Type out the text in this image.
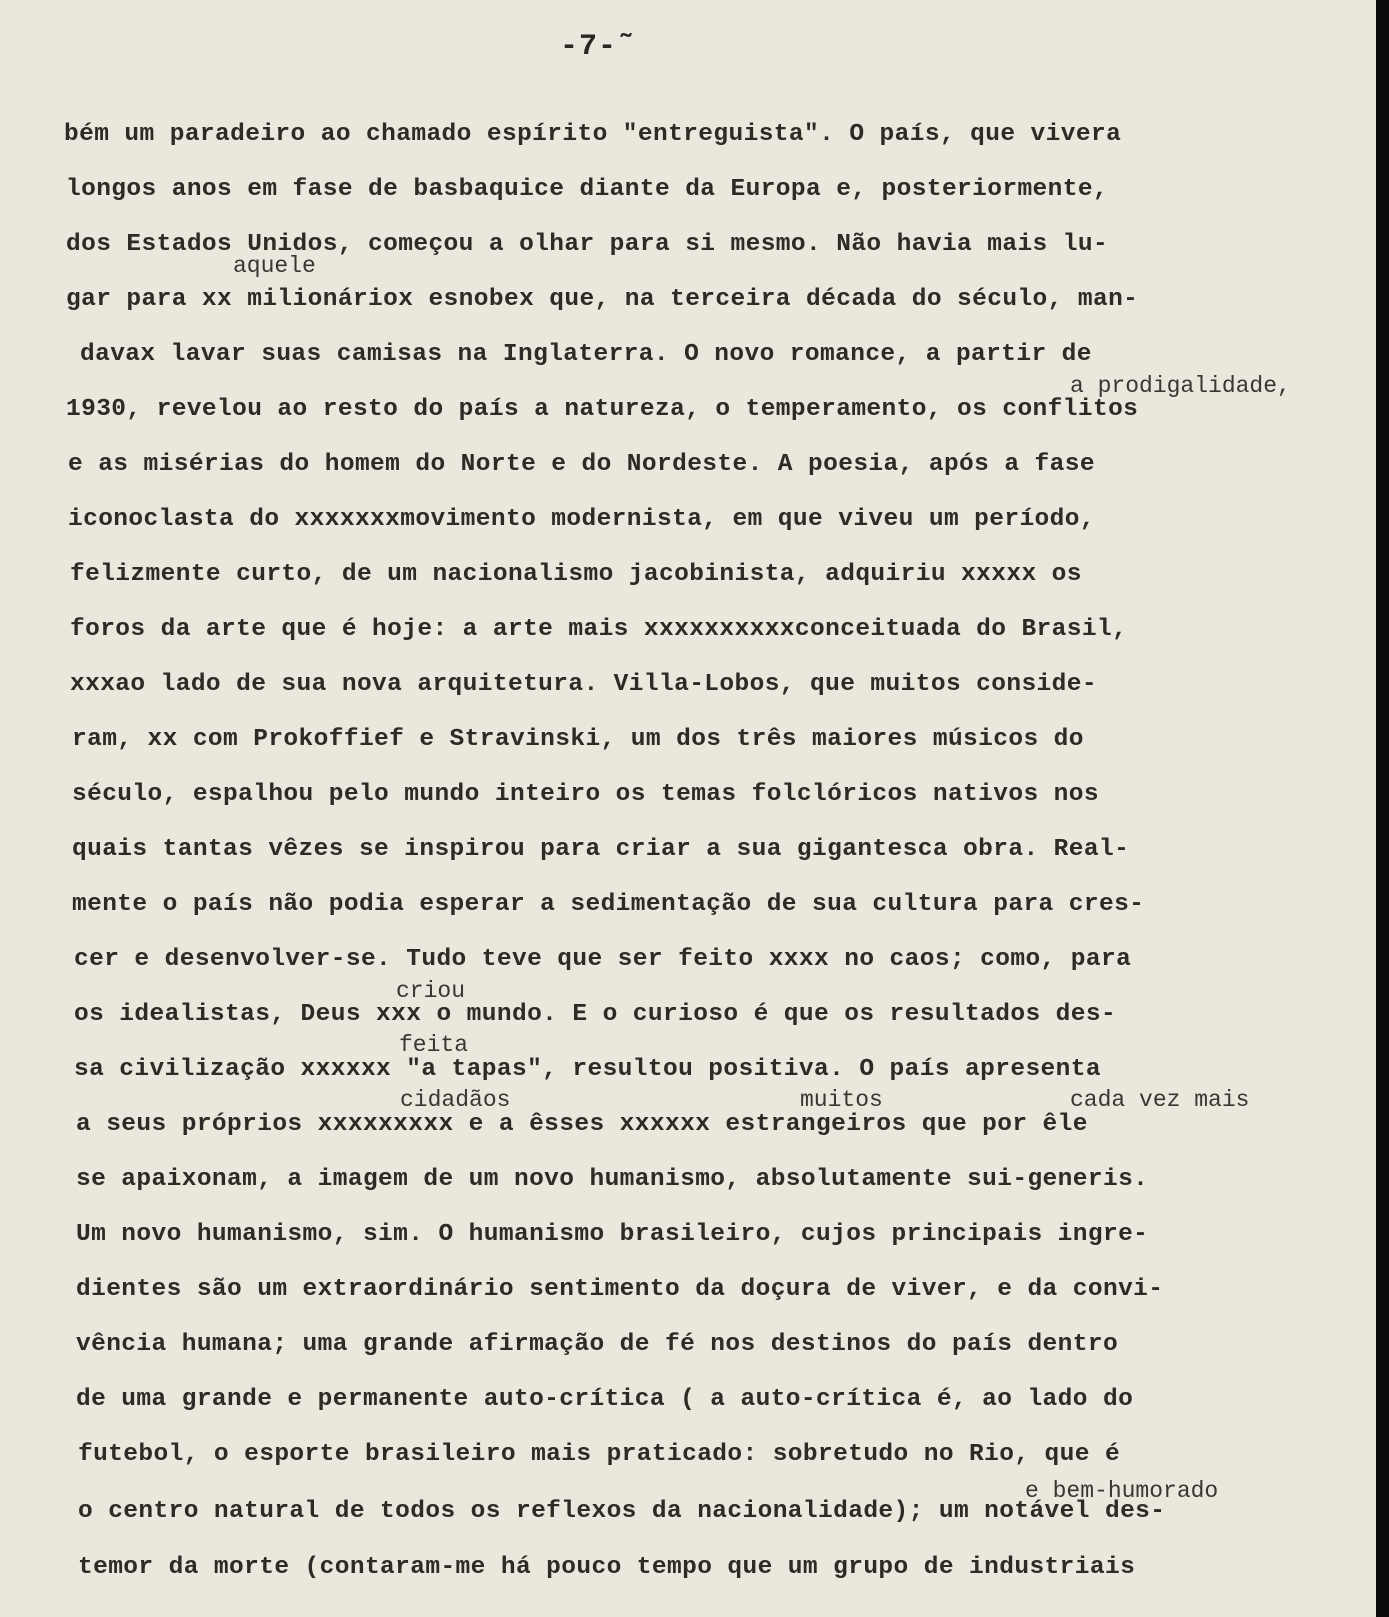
-7-˜
aquele
a prodigalidade,
criou
feita
cidadãos	muitos	cada vez mais
e bem-humorado
bém um paradeiro ao chamado espírito "entreguista". O país, que vivera
longos anos em fase de basbaquice diante da Europa e, posteriormente,
dos Estados Unidos, começou a olhar para si mesmo. Não havia mais lu-
gar para xx milionáriox esnobex que, na terceira década do século, man-
davax lavar suas camisas na Inglaterra. O novo romance, a partir de
1930, revelou ao resto do país a natureza, o temperamento, os conflitos
e as misérias do homem do Norte e do Nordeste. A poesia, após a fase
iconoclasta do xxxxxxxmovimento modernista, em que viveu um período,
felizmente curto, de um nacionalismo jacobinista, adquiriu xxxxx os
foros da arte que é hoje: a arte mais xxxxxxxxxxconceituada do Brasil,
xxxao lado de sua nova arquitetura. Villa-Lobos, que muitos conside-
ram, xx com Prokoffief e Stravinski, um dos três maiores músicos do
século, espalhou pelo mundo inteiro os temas folclóricos nativos nos
quais tantas vêzes se inspirou para criar a sua gigantesca obra. Real-
mente o país não podia esperar a sedimentação de sua cultura para cres-
cer e desenvolver-se. Tudo teve que ser feito xxxx no caos; como, para
os idealistas, Deus xxx o mundo. E o curioso é que os resultados des-
sa civilização xxxxxx "a tapas", resultou positiva. O país apresenta
a seus próprios xxxxxxxxx e a êsses xxxxxx estrangeiros que por êle
se apaixonam, a imagem de um novo humanismo, absolutamente sui-generis.
Um novo humanismo, sim. O humanismo brasileiro, cujos principais ingre-
dientes são um extraordinário sentimento da doçura de viver, e da convi-
vência humana; uma grande afirmação de fé nos destinos do país dentro
de uma grande e permanente auto-crítica ( a auto-crítica é, ao lado do
futebol, o esporte brasileiro mais praticado: sobretudo no Rio, que é
o centro natural de todos os reflexos da nacionalidade); um notável des-
temor da morte (contaram-me há pouco tempo que um grupo de industriais
